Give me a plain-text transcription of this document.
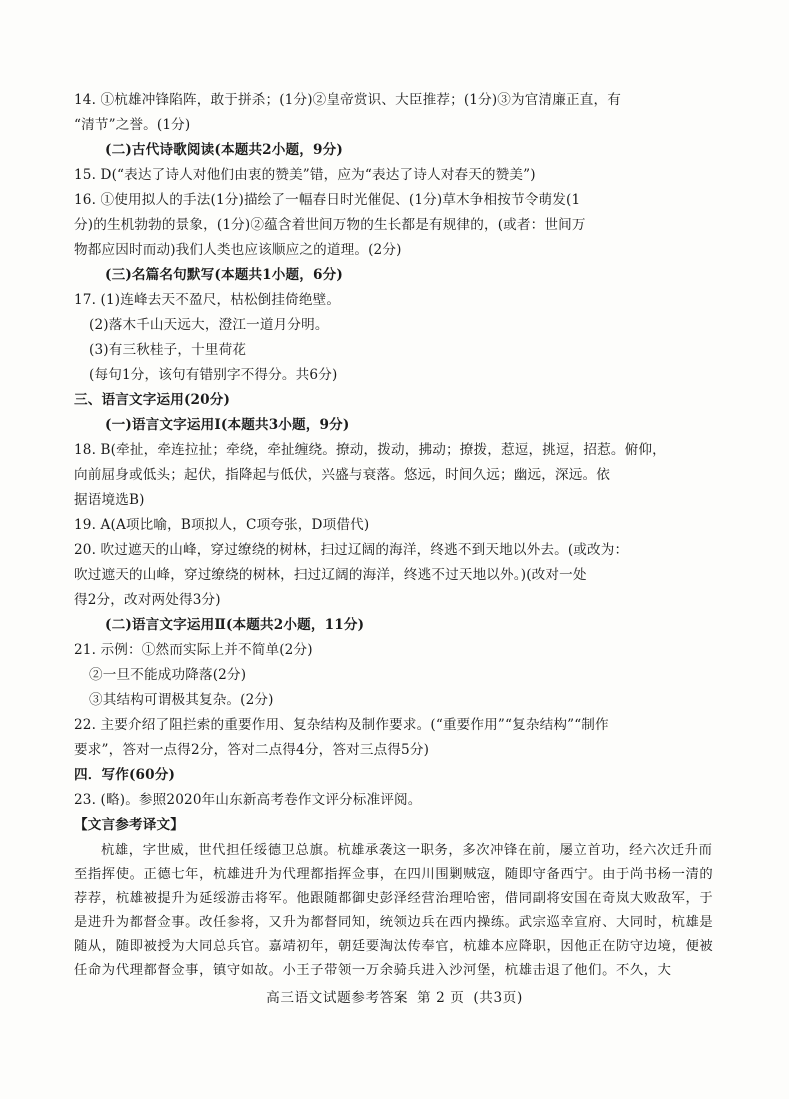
14. ①杭雄冲锋陷阵，敢于拼杀；(1分)②皇帝赏识、大臣推荐；(1分)③为官清廉正直，有
“清节”之誉。(1分)
(二)古代诗歌阅读(本题共2小题，9分)
15. D(“表达了诗人对他们由衷的赞美”错，应为“表达了诗人对春天的赞美”)
16. ①使用拟人的手法(1分)描绘了一幅春日时光催促、(1分)草木争相按节令萌发(1
分)的生机勃勃的景象，(1分)②蕴含着世间万物的生长都是有规律的，(或者：世间万
物都应因时而动)我们人类也应该顺应之的道理。(2分)
(三)名篇名句默写(本题共1小题，6分)
17. (1)连峰去天不盈尺，枯松倒挂倚绝壁。
(2)落木千山天远大，澄江一道月分明。
(3)有三秋桂子，十里荷花
(每句1分，该句有错别字不得分。共6分)
三、语言文字运用(20分)
(一)语言文字运用Ⅰ(本题共3小题，9分)
18. B(牵扯，牵连拉扯；牵绕，牵扯缠绕。撩动，拨动，拂动；撩拨，惹逗，挑逗，招惹。俯仰，
向前屈身或低头；起伏，指降起与低伏，兴盛与衰落。悠远，时间久远；幽远，深远。依
据语境选B)
19. A(A项比喻，B项拟人，C项夸张，D项借代)
20. 吹过遮天的山峰，穿过缭绕的树林，扫过辽阔的海洋，终逃不到天地以外去。(或改为：
吹过遮天的山峰，穿过缭绕的树林，扫过辽阔的海洋，终逃不过天地以外。)(改对一处
得2分，改对两处得3分)
(二)语言文字运用Ⅱ(本题共2小题，11分)
21. 示例：①然而实际上并不简单(2分)
②一旦不能成功降落(2分)
③其结构可谓极其复杂。(2分)
22. 主要介绍了阻拦索的重要作用、复杂结构及制作要求。(“重要作用”“复杂结构”“制作
要求”，答对一点得2分，答对二点得4分，答对三点得5分)
四．写作(60分)
23. (略)。参照2020年山东新高考卷作文评分标准评阅。
【文言参考译文】

杭雄，字世威，世代担任绥德卫总旗。杭雄承袭这一职务，多次冲锋在前，屡立首功，经六次迁升而至指挥使。正德七年，杭雄进升为代理都指挥佥事，在四川围剿贼寇，随即守备西宁。由于尚书杨一清的荐荐，杭雄被提升为延绥游击将军。他跟随都御史彭泽经营治理哈密，借同副将安国在奇岚大败敌军，于是进升为都督佥事。改任参将，又升为都督同知，统领边兵在西内操练。武宗巡幸宣府、大同时，杭雄是随从，随即被授为大同总兵官。嘉靖初年，朝廷要淘汰传奉官，杭雄本应降职，因他正在防守边境，便被任命为代理都督佥事，镇守如故。小王子带领一万余骑兵进入沙河堡，杭雄击退了他们。不久，大

高三语文试题参考答案 第 2 页 (共3页)
